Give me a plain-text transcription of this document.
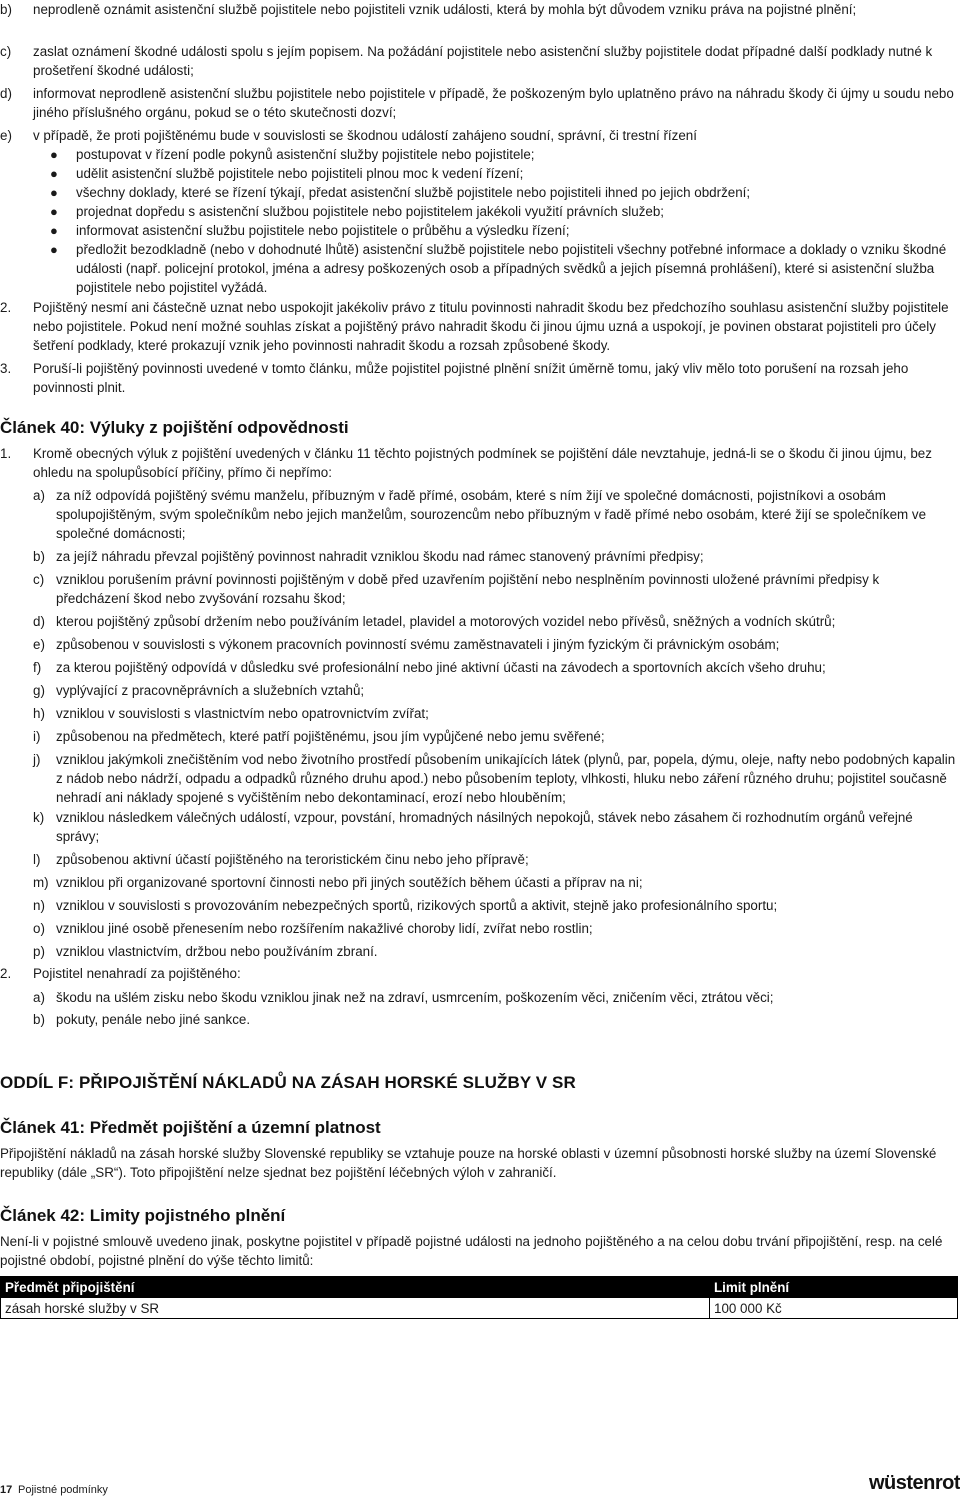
b) neprodleně oznámit asistenční službě pojistitele nebo pojistiteli vznik události, která by mohla být důvodem vzniku práva na pojistné plnění;
c) zaslat oznámení škodné události spolu s jejím popisem. Na požádání pojistitele nebo asistenční služby pojistitele dodat případné další podklady nutné k prošetření škodné události;
d) informovat neprodleně asistenční službu pojistitele nebo pojistitele v případě, že poškozeným bylo uplatněno právo na náhradu škody či újmy u soudu nebo jiného příslušného orgánu, pokud se o této skutečnosti dozví;
e) v případě, že proti pojištěnému bude v souvislosti se škodnou událostí zahájeno soudní, správní, či trestní řízení
● postupovat v řízení podle pokynů asistenční služby pojistitele nebo pojistitele;
● udělit asistenční službě pojistitele nebo pojistiteli plnou moc k vedení řízení;
● všechny doklady, které se řízení týkají, předat asistenční službě pojistitele nebo pojistiteli ihned po jejich obdržení;
● projednat dopředu s asistenční službou pojistitele nebo pojistitelem jakékoli využití právních služeb;
● informovat asistenční službu pojistitele nebo pojistitele o průběhu a výsledku řízení;
● předložit bezodkladně (nebo v dohodnuté lhůtě) asistenční službě pojistitele nebo pojistiteli všechny potřebné informace a doklady o vzniku škodné události (např. policejní protokol, jména a adresy poškozených osob a případných svědků a jejich písemná prohlášení), které si asistenční služba pojistitele nebo pojistitel vyžádá.
2. Pojištěný nesmí ani částečně uznat nebo uspokojit jakékoliv právo z titulu povinnosti nahradit škodu bez předchozího souhlasu asistenční služby pojistitele nebo pojistitele. Pokud není možné souhlas získat a pojištěný právo nahradit škodu či jinou újmu uzná a uspokojí, je povinen obstarat pojistiteli pro účely šetření podklady, které prokazují vznik jeho povinnosti nahradit škodu a rozsah způsobené škody.
3. Poruší-li pojištěný povinnosti uvedené v tomto článku, může pojistitel pojistné plnění snížit úměrně tomu, jaký vliv mělo toto porušení na rozsah jeho povinnosti plnit.
Článek 40: Výluky z pojištění odpovědnosti
1. Kromě obecných výluk z pojištění uvedených v článku 11 těchto pojistných podmínek se pojištění dále nevztahuje, jedná-li se o škodu či jinou újmu, bez ohledu na spolupůsobící příčiny, přímo či nepřímo:
a) za níž odpovídá pojištěný svému manželu, příbuzným v řadě přímé, osobám, které s ním žijí ve společné domácnosti, pojistníkovi a osobám spolupojištěným, svým společníkům nebo jejich manželům, sourozencům nebo příbuzným v řadě přímé nebo osobám, které žijí se společníkem ve společné domácnosti;
b) za jejíž náhradu převzal pojištěný povinnost nahradit vzniklou škodu nad rámec stanovený právními předpisy;
c) vzniklou porušením právní povinnosti pojištěným v době před uzavřením pojištění nebo nesplněním povinnosti uložené právními předpisy k předcházení škod nebo zvyšování rozsahu škod;
d) kterou pojištěný způsobí držením nebo používáním letadel, plavidel a motorových vozidel nebo přívěsů, sněžných a vodních skútrů;
e) způsobenou v souvislosti s výkonem pracovních povinností svému zaměstnavateli i jiným fyzickým či právnickým osobám;
f) za kterou pojištěný odpovídá v důsledku své profesionální nebo jiné aktivní účasti na závodech a sportovních akcích všeho druhu;
g) vyplývající z pracovněprávních a služebních vztahů;
h) vzniklou v souvislosti s vlastnictvím nebo opatrovnictvím zvířat;
i) způsobenou na předmětech, které patří pojištěnému, jsou jím vypůjčené nebo jemu svěřené;
j) vzniklou jakýmkoli znečištěním vod nebo životního prostředí působením unikajících látek (plynů, par, popela, dýmu, oleje, nafty nebo podobných kapalin z nádob nebo nádrží, odpadu a odpadků různého druhu apod.) nebo působením teploty, vlhkosti, hluku nebo záření různého druhu; pojistitel současně nehradí ani náklady spojené s vyčištěním nebo dekontaminací, erozí nebo hlouběním;
k) vzniklou následkem válečných událostí, vzpour, povstání, hromadných násilných nepokojů, stávek nebo zásahem či rozhodnutím orgánů veřejné správy;
l) způsobenou aktivní účastí pojištěného na teroristickém činu nebo jeho přípravě;
m) vzniklou při organizované sportovní činnosti nebo při jiných soutěžích během účasti a příprav na ni;
n) vzniklou v souvislosti s provozováním nebezpečných sportů, rizikových sportů a aktivit, stejně jako profesionálního sportu;
o) vzniklou jiné osobě přenesením nebo rozšířením nakažlivé choroby lidí, zvířat nebo rostlin;
p) vzniklou vlastnictvím, držbou nebo používáním zbraní.
2. Pojistitel nenahradí za pojištěného:
a) škodu na ušlém zisku nebo škodu vzniklou jinak než na zdraví, usmrcením, poškozením věci, zničením věci, ztrátou věci;
b) pokuty, penále nebo jiné sankce.
ODDÍL F: PŘIPOJIŠTĚNÍ NÁKLADŮ NA ZÁSAH HORSKÉ SLUŽBY V SR
Článek 41: Předmět pojištění a územní platnost

Připojištění nákladů na zásah horské služby Slovenské republiky se vztahuje pouze na horské oblasti v územní působnosti horské služby na území Slovenské republiky (dále „SR“). Toto připojištění nelze sjednat bez pojištění léčebných výloh v zahraničí.

Článek 42: Limity pojistného plnění

Není-li v pojistné smlouvě uvedeno jinak, poskytne pojistitel v případě pojistné události na jednoho pojištěného a na celou dobu trvání připojištění, resp. na celé pojistné období, pojistné plnění do výše těchto limitů:

Předmět připojištění	Limit plnění
zásah horské služby v SR	100 000 Kč
17 Pojistné podmínky	wüstenrot
